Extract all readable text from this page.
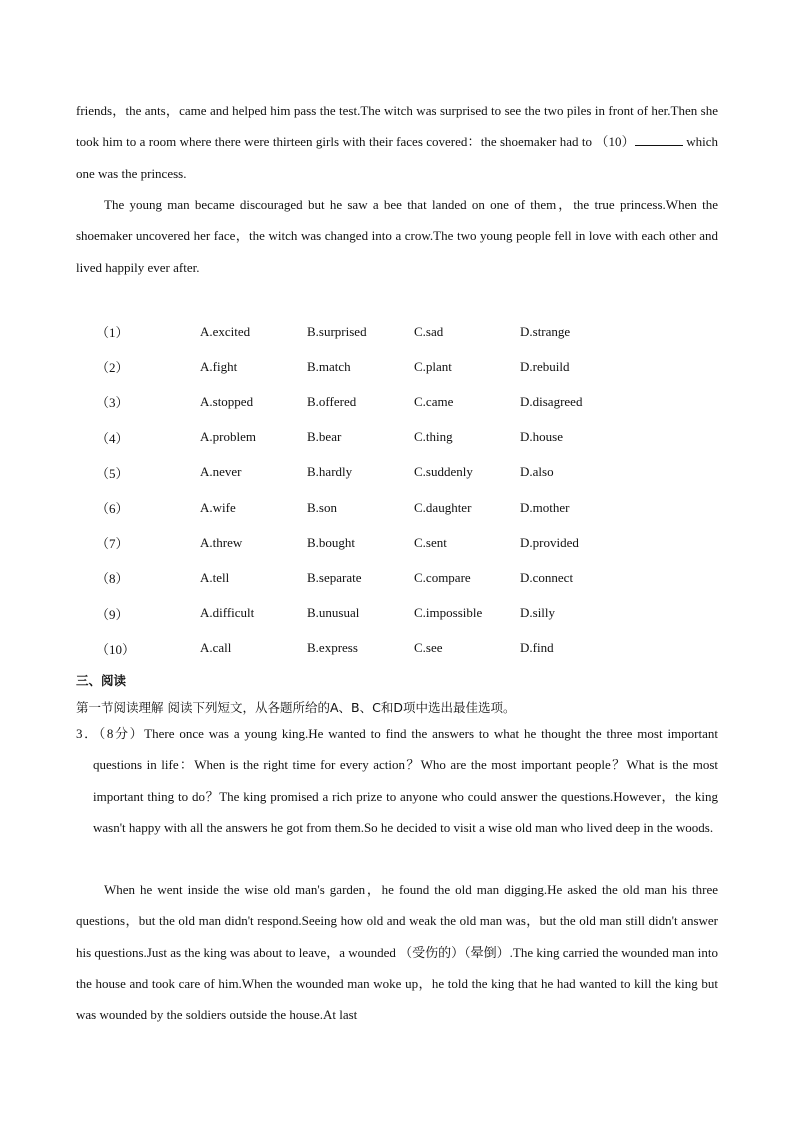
friends，the ants，came and helped him pass the test.The witch was surprised to see the two piles in front of her.Then she took him to a room where there were thirteen girls with their faces covered：the shoemaker had to （10）	which one was the princess.
The young man became discouraged but he saw a bee that landed on one of them，the true princess.When the shoemaker uncovered her face，the witch was changed into a crow.The two young people fell in love with each other and lived happily ever after.
（1）	A.excited	B.surprised	C.sad	D.strange
（2）	A.fight	B.match	C.plant	D.rebuild
（3）	A.stopped	B.offered	C.came	D.disagreed
（4）	A.problem	B.bear	C.thing	D.house
（5）	A.never	B.hardly	C.suddenly	D.also
（6）	A.wife	B.son	C.daughter	D.mother
（7）	A.threw	B.bought	C.sent	D.provided
（8）	A.tell	B.separate	C.compare	D.connect
（9）	A.difficult	B.unusual	C.impossible	D.silly
（10）	A.call	B.express	C.see	D.find
三、阅读
第一节阅读理解 阅读下列短文，从各题所给的A、B、C和D项中选出最佳选项。
3．（8分）There once was a young king.He wanted to find the answers to what he thought the three most important questions in life：When is the right time for every action？Who are the most important people？What is the most important thing to do？The king promised a rich prize to anyone who could answer the questions.However，the king wasn't happy with all the answers he got from them.So he decided to visit a wise old man who lived deep in the woods.
When he went inside the wise old man's garden，he found the old man digging.He asked the old man his three questions，but the old man didn't respond.Seeing how old and weak the old man was，but the old man still didn't answer his questions.Just as the king was about to leave，a wounded （受伤的）（晕倒）.The king carried the wounded man into the house and took care of him.When the wounded man woke up，he told the king that he had wanted to kill the king but was wounded by the soldiers outside the house.At last
